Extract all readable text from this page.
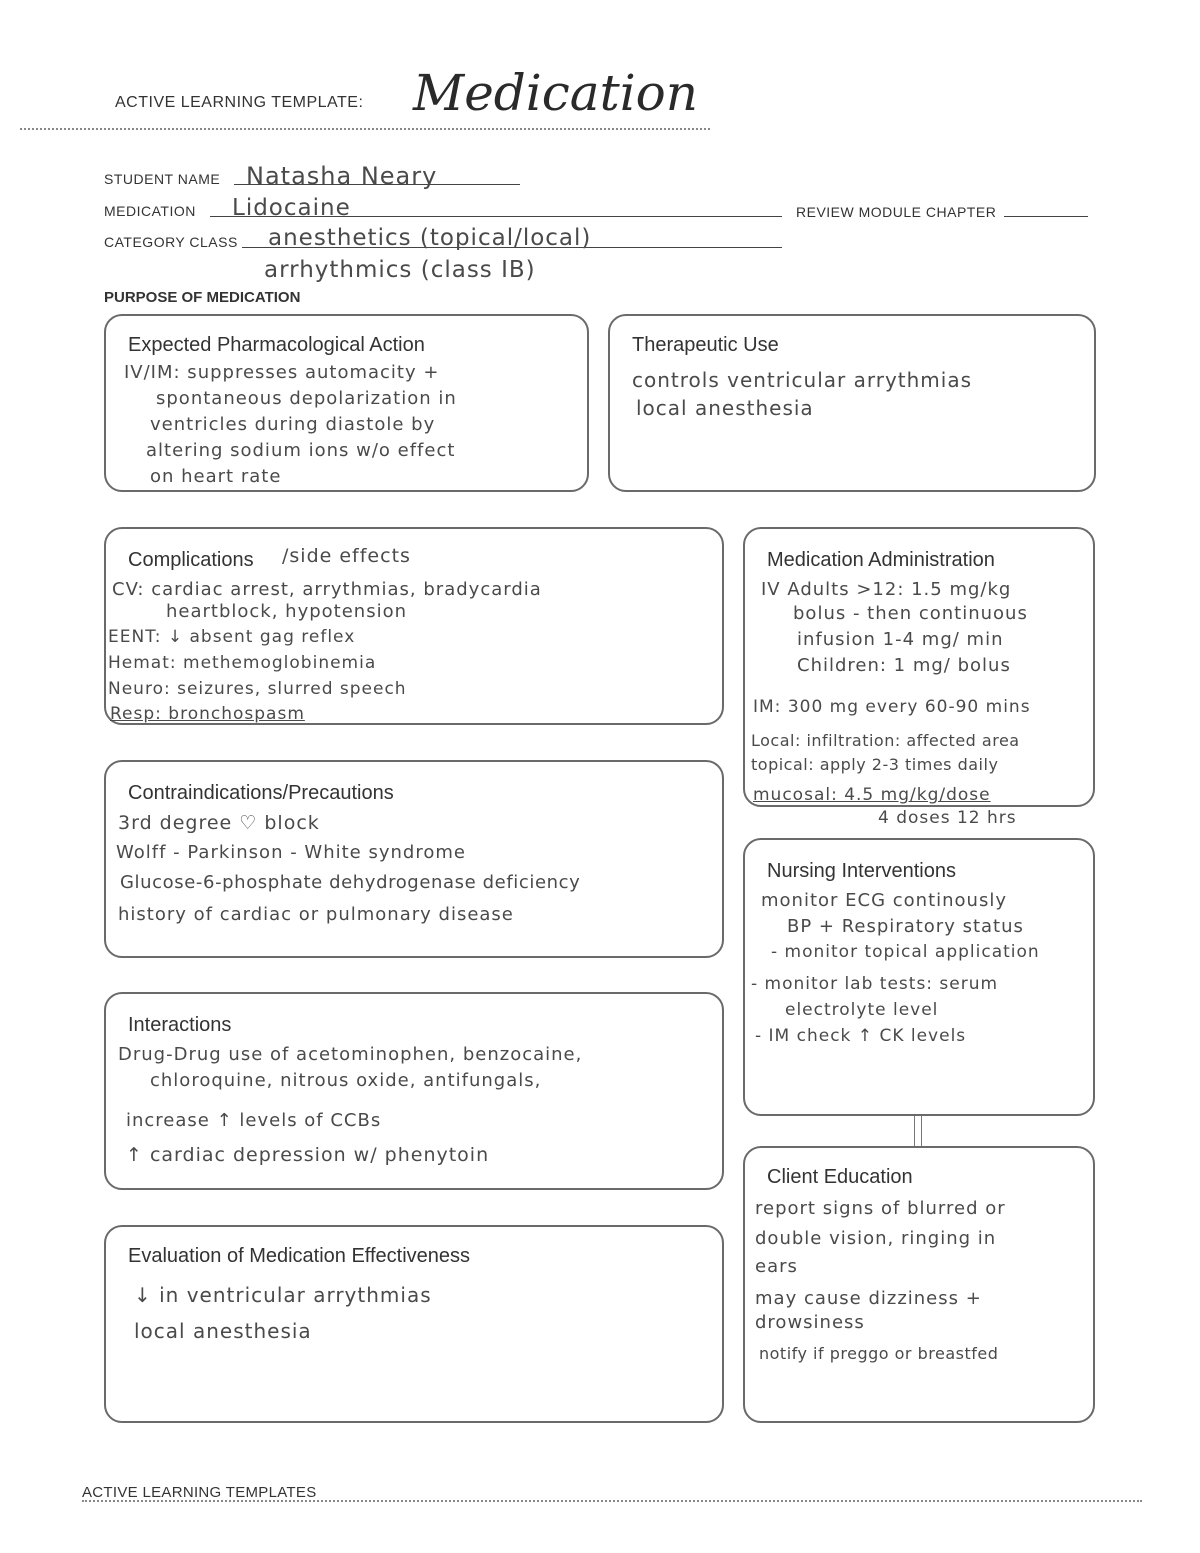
ACTIVE LEARNING TEMPLATE: Medication
STUDENT NAME Natasha Neary
MEDICATION Lidocaine	REVIEW MODULE CHAPTER
CATEGORY CLASS anesthetics (topical/local)
arrhythmics (class IB)
PURPOSE OF MEDICATION
Expected Pharmacological Action
IV/IM: suppresses automacity +
spontaneous depolarization in
ventricles during diastole by
altering sodium ions w/o effect
on heart rate
Therapeutic Use
controls ventricular arrythmias
local anesthesia
Complications /side effects
CV: cardiac arrest, arrythmias, bradycardia
heartblock, hypotension
EENT: ↓ absent gag reflex
Hemat: methemoglobinemia
Neuro: seizures, slurred speech
Resp: bronchospasm
Medication Administration
IV Adults >12: 1.5 mg/kg
bolus - then continuous
infusion 1-4 mg/ min
Children: 1 mg/ bolus
IM: 300 mg every 60-90 mins
Local: infiltration: affected area
topical: apply 2-3 times daily
mucosal: 4.5 mg/kg/dose
4 doses 12 hrs
Contraindications/Precautions
3rd degree ♡ block
Wolff - Parkinson - White syndrome
Glucose-6-phosphate dehydrogenase deficiency
history of cardiac or pulmonary disease
Nursing Interventions
monitor ECG continously
BP + Respiratory status
- monitor topical application
- monitor lab tests: serum
electrolyte level
- IM check ↑ CK levels
Interactions
Drug-Drug use of acetominophen, benzocaine,
chloroquine, nitrous oxide, antifungals,
increase ↑ levels of CCBs
↑ cardiac depression w/ phenytoin
Evaluation of Medication Effectiveness
↓ in ventricular arrythmias
local anesthesia
Client Education
report signs of blurred or
double vision, ringing in
ears
may cause dizziness +
drowsiness
notify if preggo or breastfed
ACTIVE LEARNING TEMPLATES
